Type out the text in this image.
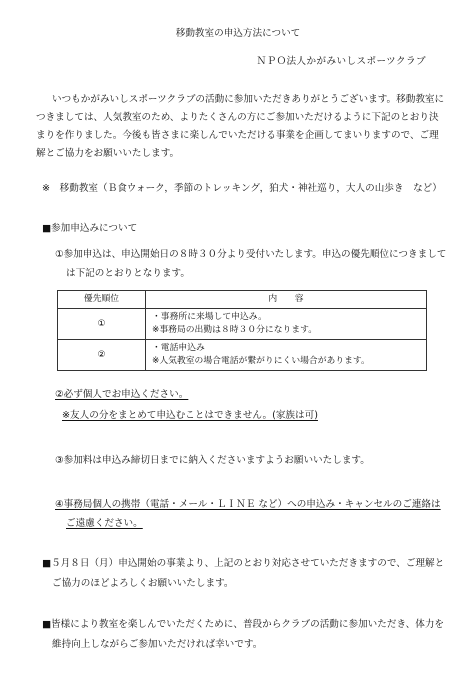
移動教室の申込方法について
ＮＰＯ法人かがみいしスポーツクラブ
いつもかがみいしスポーツクラブの活動に参加いただきありがとうございます。移動教室に
つきましては、人気教室のため、よりたくさんの方にご参加いただけるように下記のとおり決
まりを作りました。今後も皆さまに楽しんでいただける事業を企画してまいりますので、ご理
解とご協力をお願いいたします。
※　移動教室（Ｂ食ウォーク，季節のトレッキング，狛犬・神社巡り，大人の山歩き　など）
■参加申込みについて
①参加申込は、申込開始日の８時３０分より受付いたします。申込の優先順位につきまして
は下記のとおりとなります。
優先順位	内　　容
①	・事務所に来場して申込み。
※事務局の出勤は８時３０分になります。

②	・電話申込み
※人気教室の場合電話が繋がりにくい場合があります。
②必ず個人でお申込ください。
※友人の分をまとめて申込むことはできません。(家族は可)
③参加料は申込み締切日までに納入くださいますようお願いいたします。
④事務局個人の携帯（電話・メール・ＬＩＮＥ など）への申込み・キャンセルのご連絡は
ご遠慮ください。
■５月８日（月）申込開始の事業より、上記のとおり対応させていただきますので、ご理解と
ご協力のほどよろしくお願いいたします。
■皆様により教室を楽しんでいただくために、普段からクラブの活動に参加いただき、体力を
維持向上しながらご参加いただければ幸いです。
